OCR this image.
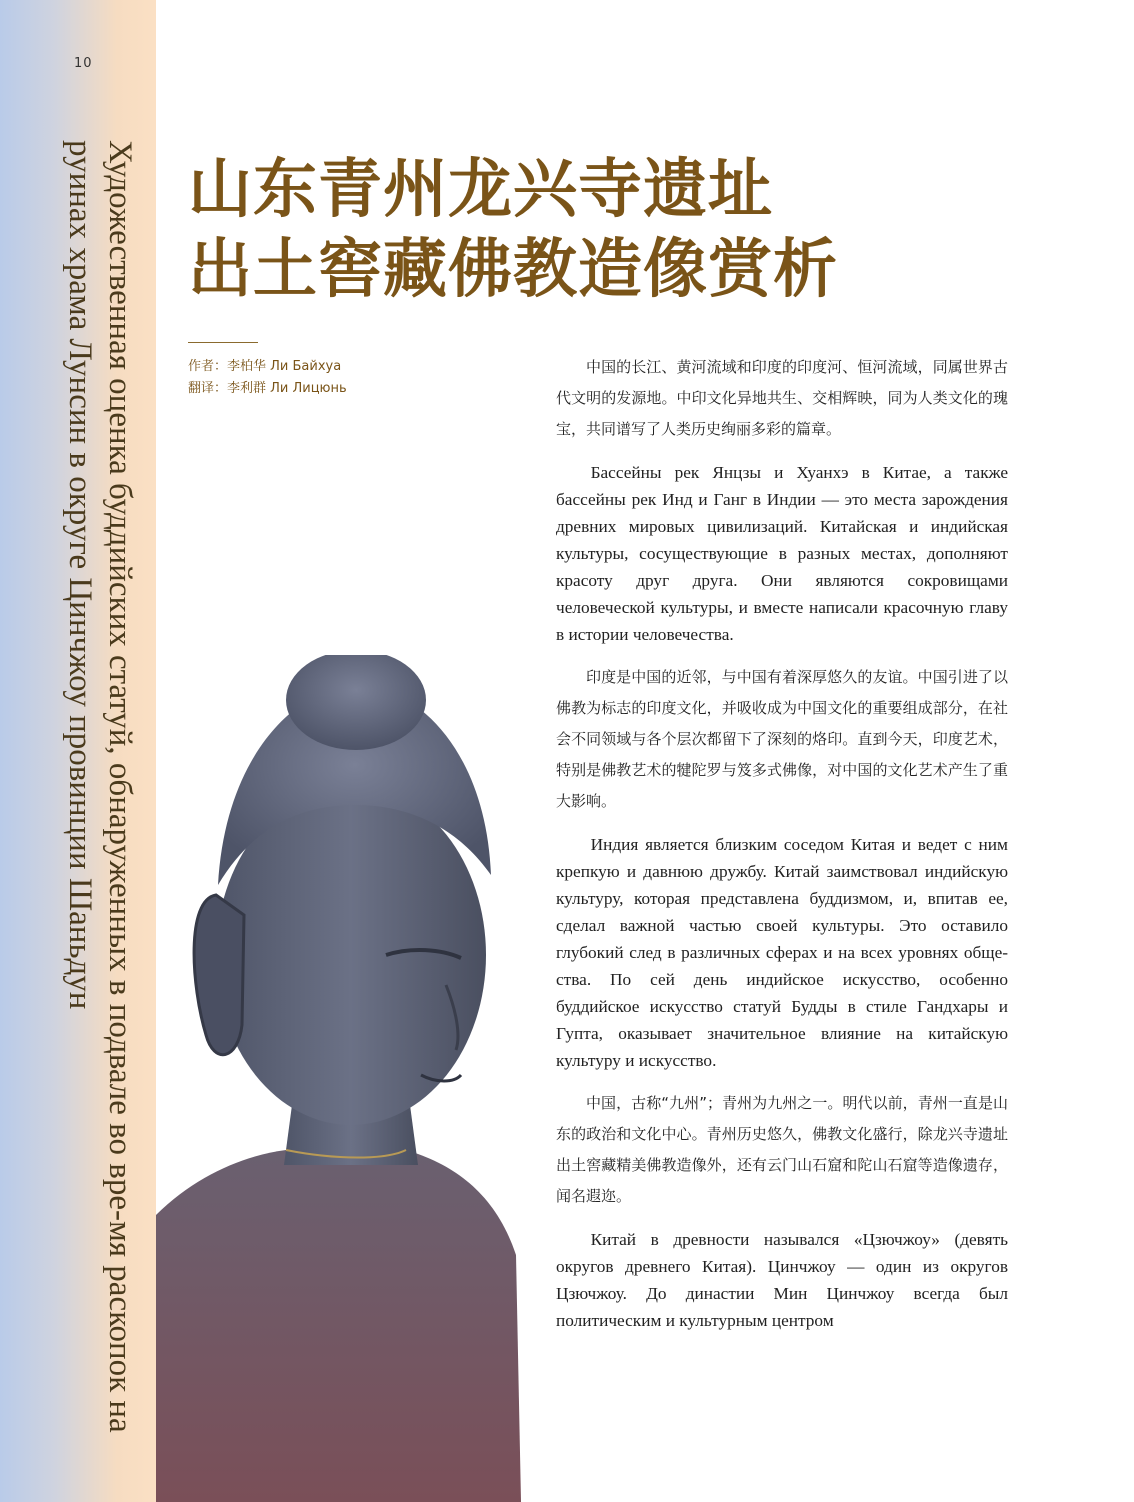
10
Художественная оценка буддийских статуй, обнаруженных в подвале во вре-мя раскопок на руинах храма Лунсин в округе Цинчжоу провинции Шаньдун	山东青州龙兴寺遗址
出土窖藏佛教造像赏析
作者：李柏华 Ли Байхуа
翻译：李利群 Ли Лицюнь

中国的长江、黄河流域和印度的印度河、恒河流域，同属世界古代文明的发源地。中印文化异地共生、交相辉映，同为人类文化的瑰宝，共同谱写了人类历史绚丽多彩的篇章。

Бассейны рек Янцзы и Хуанхэ в Китае, а также бассейны рек Инд и Ганг в Индии — это места зарождения древних мировых цивилизаций. Китайская и индийская культуры, сосуществующие в разных местах, дополняют красоту друг друга. Они являются сокровищами человеческой культуры, и вместе написали красочную главу в истории человечества.

印度是中国的近邻，与中国有着深厚悠久的友谊。中国引进了以佛教为标志的印度文化，并吸收成为中国文化的重要组成部分，在社会不同领域与各个层次都留下了深刻的烙印。直到今天，印度艺术，特别是佛教艺术的犍陀罗与笈多式佛像，对中国的文化艺术产生了重大影响。

Индия является близким соседом Китая и ведет с ним крепкую и давнюю дружбу. Китай заимствовал индийскую культуру, которая представлена буддизмом, и, впитав ее, сделал важной частью своей культуры. Это оставило глубокий след в различных сферах и на всех уровнях общества. По сей день индийское искусство, особенно буддийское искусство статуй Будды в стиле Гандхары и Гупта, оказывает значительное влияние на китайскую культуру и искусство.

中国，古称“九州”；青州为九州之一。明代以前，青州一直是山东的政治和文化中心。青州历史悠久，佛教文化盛行，除龙兴寺遗址出土窖藏精美佛教造像外，还有云门山石窟和陀山石窟等造像遗存，闻名遐迩。

Китай в древности назывался «Цзючжоу» (девять округов древнего Китая). Цинчжоу — один из округов Цзючжоу. До династии Мин Цинчжоу всегда был политическим и культурным центром
